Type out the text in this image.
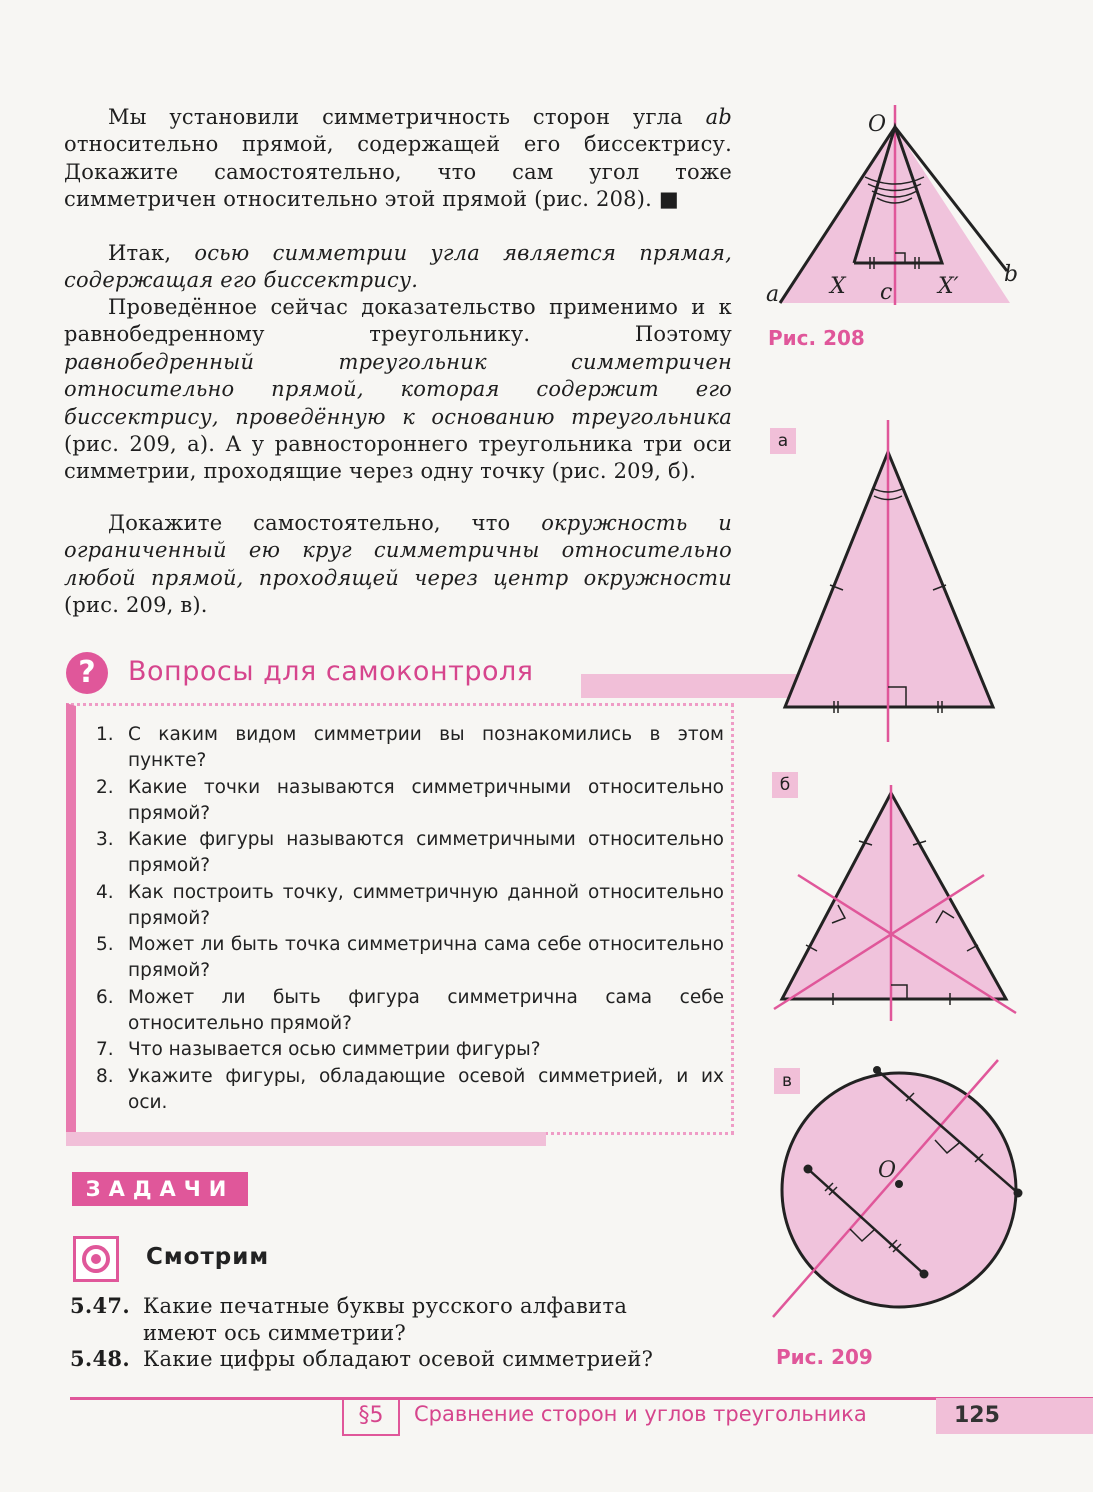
Мы установили симметричность сторон угла ab относительно прямой, содержащей его биссектрису. Докажите самостоятельно, что сам угол тоже симметричен относительно этой прямой (рис. 208). ■

Итак, осью симметрии угла является прямая, содержащая его биссектрису.

Проведённое сейчас доказательство применимо и к равнобедренному треугольнику. Поэтому равнобедренный треугольник симметричен относительно прямой, которая содержит его биссектрису, проведённую к основанию треугольника (рис. 209, а). А у равностороннего треугольника три оси симметрии, проходящие через одну точку (рис. 209, б).

Докажите самостоятельно, что окружность и ограниченный ею круг симметричны относительно любой прямой, проходящей через центр окружности (рис. 209, в).

?	Вопросы для самоконтроля
1. С каким видом симметрии вы познакомились в этом пункте?
2. Какие точки называются симметричными относительно прямой?
3. Какие фигуры называются симметричными относительно прямой?
4. Как построить точку, симметричную данной относительно прямой?
5. Может ли быть точка симметрична сама себе относительно прямой?
6. Может ли быть фигура симметрична сама себе относительно прямой?
7. Что называется осью симметрии фигуры?
8. Укажите фигуры, обладающие осевой симметрией, и их оси.
ЗАДАЧИ
Смотрим
5.47. Какие печатные буквы русского алфавита
имеют ось симметрии?
5.48. Какие цифры обладают осевой симметрией?
O
a
b
X c X′
Рис. 208
а
б
в
O
Рис. 209
§5	Сравнение сторон и углов треугольника	125
